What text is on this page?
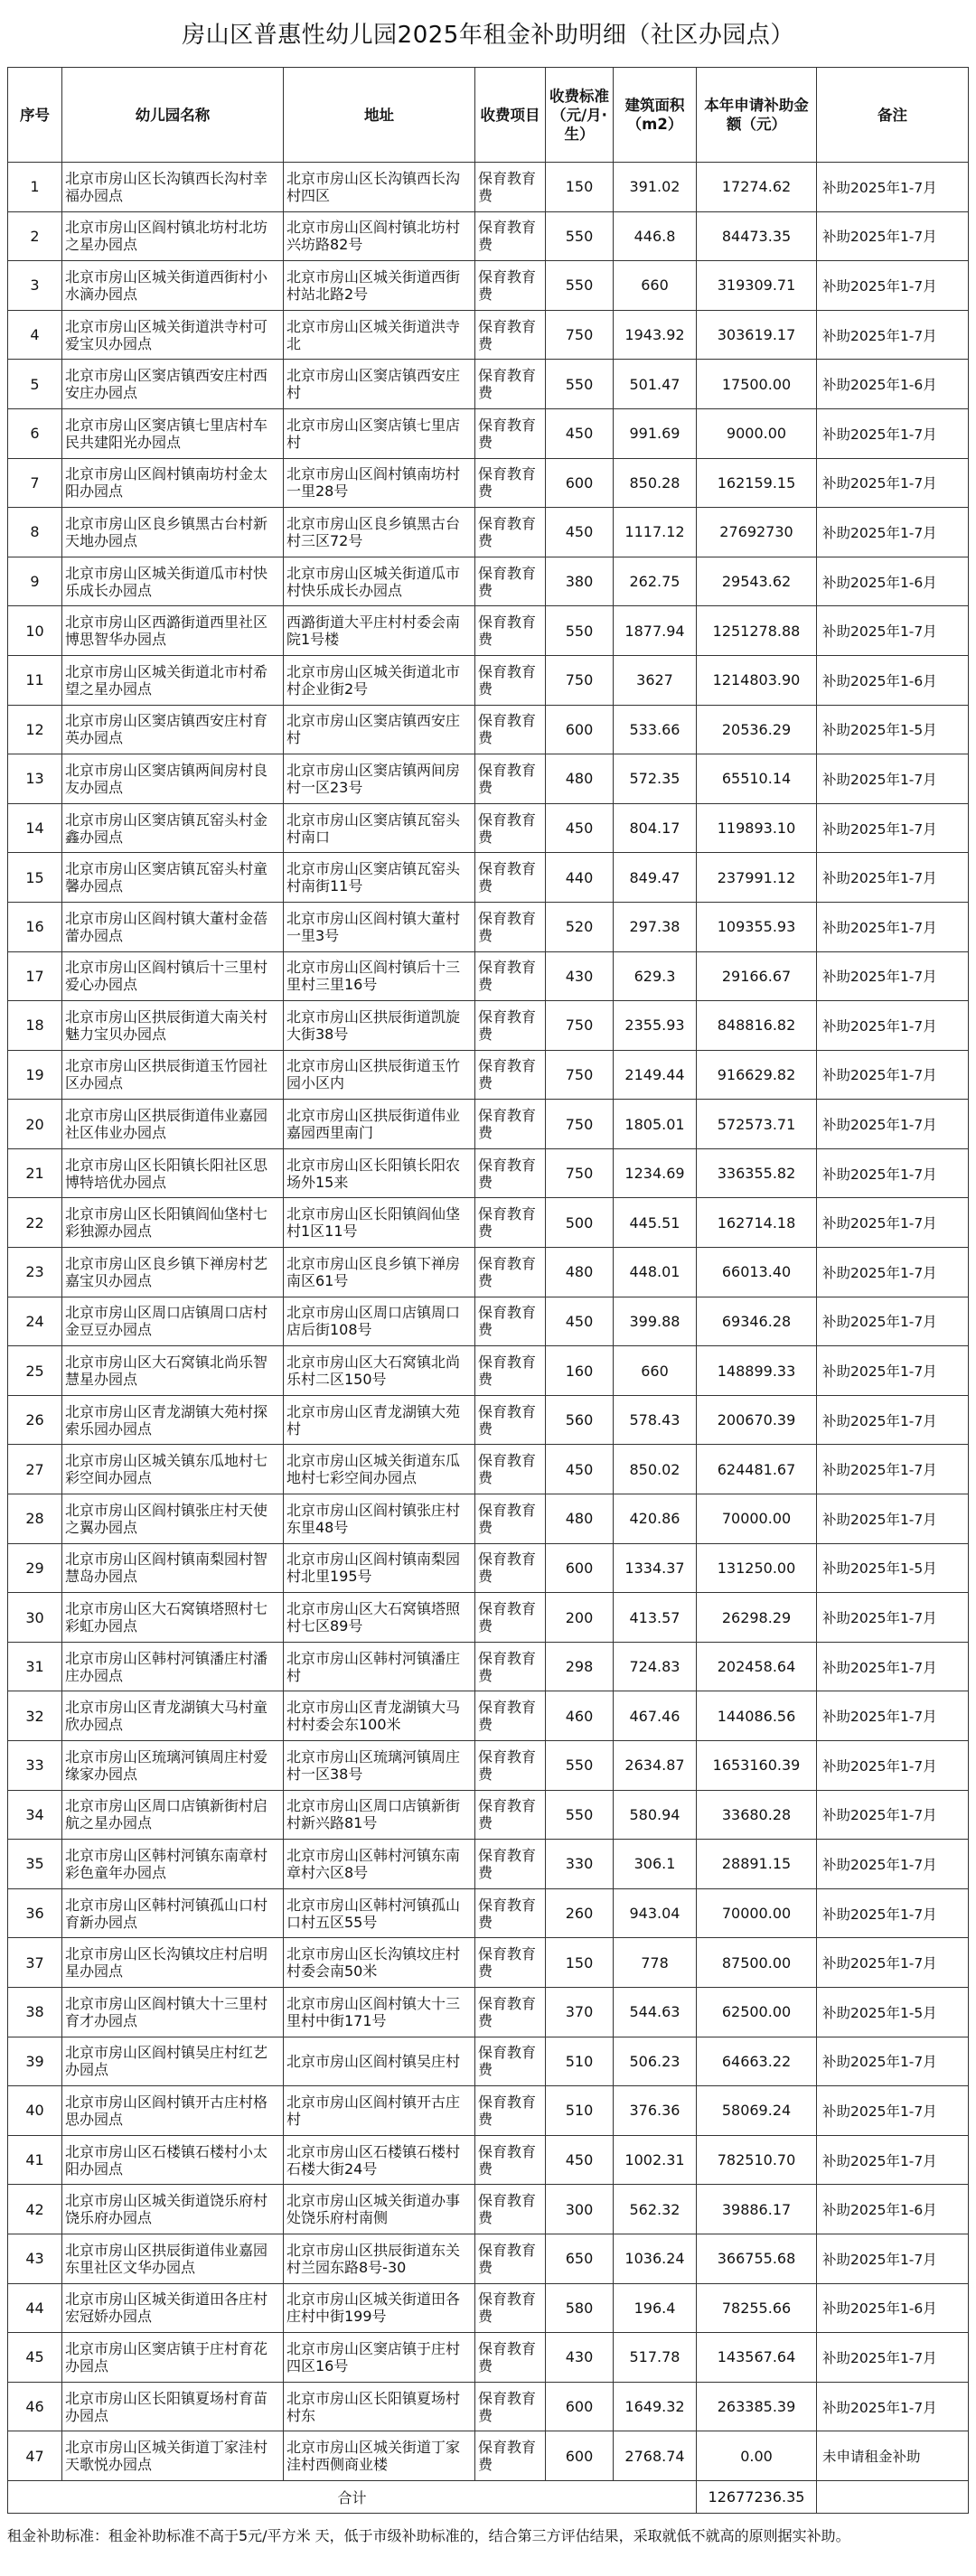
房山区普惠性幼儿园2025年租金补助明细（社区办园点）
序号	幼儿园名称	地址	收费项目	收费标准（元/月·生）	建筑面积（m2）	本年申请补助金额（元）	备注
1	北京市房山区长沟镇西长沟村幸福办园点	北京市房山区长沟镇西长沟村四区	保育教育费	150	391.02	17274.62	补助2025年1-7月
2	北京市房山区阎村镇北坊村北坊之星办园点	北京市房山区阎村镇北坊村兴坊路82号	保育教育费	550	446.8	84473.35	补助2025年1-7月
3	北京市房山区城关街道西街村小水滴办园点	北京市房山区城关街道西街村站北路2号	保育教育费	550	660	319309.71	补助2025年1-7月
4	北京市房山区城关街道洪寺村可爱宝贝办园点	北京市房山区城关街道洪寺北	保育教育费	750	1943.92	303619.17	补助2025年1-7月
5	北京市房山区窦店镇西安庄村西安庄办园点	北京市房山区窦店镇西安庄村	保育教育费	550	501.47	17500.00	补助2025年1-6月
6	北京市房山区窦店镇七里店村车民共建阳光办园点	北京市房山区窦店镇七里店村	保育教育费	450	991.69	9000.00	补助2025年1-7月
7	北京市房山区阎村镇南坊村金太阳办园点	北京市房山区阎村镇南坊村一里28号	保育教育费	600	850.28	162159.15	补助2025年1-7月
8	北京市房山区良乡镇黑古台村新天地办园点	北京市房山区良乡镇黑古台村三区72号	保育教育费	450	1117.12	27692730	补助2025年1-7月
9	北京市房山区城关街道瓜市村快乐成长办园点	北京市房山区城关街道瓜市村快乐成长办园点	保育教育费	380	262.75	29543.62	补助2025年1-6月
10	北京市房山区西潞街道西里社区博思智华办园点	西潞街道大平庄村村委会南院1号楼	保育教育费	550	1877.94	1251278.88	补助2025年1-7月
11	北京市房山区城关街道北市村希望之星办园点	北京市房山区城关街道北市村企业街2号	保育教育费	750	3627	1214803.90	补助2025年1-6月
12	北京市房山区窦店镇西安庄村育英办园点	北京市房山区窦店镇西安庄村	保育教育费	600	533.66	20536.29	补助2025年1-5月
13	北京市房山区窦店镇两间房村良友办园点	北京市房山区窦店镇两间房村一区23号	保育教育费	480	572.35	65510.14	补助2025年1-7月
14	北京市房山区窦店镇瓦窑头村金鑫办园点	北京市房山区窦店镇瓦窑头村南口	保育教育费	450	804.17	119893.10	补助2025年1-7月
15	北京市房山区窦店镇瓦窑头村童馨办园点	北京市房山区窦店镇瓦窑头村南街11号	保育教育费	440	849.47	237991.12	补助2025年1-7月
16	北京市房山区阎村镇大董村金蓓蕾办园点	北京市房山区阎村镇大董村一里3号	保育教育费	520	297.38	109355.93	补助2025年1-7月
17	北京市房山区阎村镇后十三里村爱心办园点	北京市房山区阎村镇后十三里村三里16号	保育教育费	430	629.3	29166.67	补助2025年1-7月
18	北京市房山区拱辰街道大南关村魅力宝贝办园点	北京市房山区拱辰街道凯旋大街38号	保育教育费	750	2355.93	848816.82	补助2025年1-7月
19	北京市房山区拱辰街道玉竹园社区办园点	北京市房山区拱辰街道玉竹园小区内	保育教育费	750	2149.44	916629.82	补助2025年1-7月
20	北京市房山区拱辰街道伟业嘉园社区伟业办园点	北京市房山区拱辰街道伟业嘉园西里南门	保育教育费	750	1805.01	572573.71	补助2025年1-7月
21	北京市房山区长阳镇长阳社区思博特培优办园点	北京市房山区长阳镇长阳农场外15来	保育教育费	750	1234.69	336355.82	补助2025年1-7月
22	北京市房山区长阳镇阎仙垡村七彩独源办园点	北京市房山区长阳镇阎仙垡村1区11号	保育教育费	500	445.51	162714.18	补助2025年1-7月
23	北京市房山区良乡镇下禅房村艺嘉宝贝办园点	北京市房山区良乡镇下禅房南区61号	保育教育费	480	448.01	66013.40	补助2025年1-7月
24	北京市房山区周口店镇周口店村金豆豆办园点	北京市房山区周口店镇周口店后街108号	保育教育费	450	399.88	69346.28	补助2025年1-7月
25	北京市房山区大石窝镇北尚乐智慧星办园点	北京市房山区大石窝镇北尚乐村二区150号	保育教育费	160	660	148899.33	补助2025年1-7月
26	北京市房山区青龙湖镇大苑村探索乐园办园点	北京市房山区青龙湖镇大苑村	保育教育费	560	578.43	200670.39	补助2025年1-7月
27	北京市房山区城关镇东瓜地村七彩空间办园点	北京市房山区城关街道东瓜地村七彩空间办园点	保育教育费	450	850.02	624481.67	补助2025年1-7月
28	北京市房山区阎村镇张庄村天使之翼办园点	北京市房山区阎村镇张庄村东里48号	保育教育费	480	420.86	70000.00	补助2025年1-7月
29	北京市房山区阎村镇南梨园村智慧岛办园点	北京市房山区阎村镇南梨园村北里195号	保育教育费	600	1334.37	131250.00	补助2025年1-5月
30	北京市房山区大石窝镇塔照村七彩虹办园点	北京市房山区大石窝镇塔照村七区89号	保育教育费	200	413.57	26298.29	补助2025年1-7月
31	北京市房山区韩村河镇潘庄村潘庄办园点	北京市房山区韩村河镇潘庄村	保育教育费	298	724.83	202458.64	补助2025年1-7月
32	北京市房山区青龙湖镇大马村童欣办园点	北京市房山区青龙湖镇大马村村委会东100米	保育教育费	460	467.46	144086.56	补助2025年1-7月
33	北京市房山区琉璃河镇周庄村爱缘家办园点	北京市房山区琉璃河镇周庄村一区38号	保育教育费	550	2634.87	1653160.39	补助2025年1-7月
34	北京市房山区周口店镇新街村启航之星办园点	北京市房山区周口店镇新街村新兴路81号	保育教育费	550	580.94	33680.28	补助2025年1-7月
35	北京市房山区韩村河镇东南章村彩色童年办园点	北京市房山区韩村河镇东南章村六区8号	保育教育费	330	306.1	28891.15	补助2025年1-7月
36	北京市房山区韩村河镇孤山口村育新办园点	北京市房山区韩村河镇孤山口村五区55号	保育教育费	260	943.04	70000.00	补助2025年1-7月
37	北京市房山区长沟镇坟庄村启明星办园点	北京市房山区长沟镇坟庄村村委会南50米	保育教育费	150	778	87500.00	补助2025年1-7月
38	北京市房山区阎村镇大十三里村育才办园点	北京市房山区阎村镇大十三里村中街171号	保育教育费	370	544.63	62500.00	补助2025年1-5月
39	北京市房山区阎村镇吴庄村红艺办园点	北京市房山区阎村镇吴庄村	保育教育费	510	506.23	64663.22	补助2025年1-7月
40	北京市房山区阎村镇开古庄村格思办园点	北京市房山区阎村镇开古庄村	保育教育费	510	376.36	58069.24	补助2025年1-7月
41	北京市房山区石楼镇石楼村小太阳办园点	北京市房山区石楼镇石楼村石楼大街24号	保育教育费	450	1002.31	782510.70	补助2025年1-7月
42	北京市房山区城关街道饶乐府村饶乐府办园点	北京市房山区城关街道办事处饶乐府村南侧	保育教育费	300	562.32	39886.17	补助2025年1-6月
43	北京市房山区拱辰街道伟业嘉园东里社区文华办园点	北京市房山区拱辰街道东关村兰园东路8号-30	保育教育费	650	1036.24	366755.68	补助2025年1-7月
44	北京市房山区城关街道田各庄村宏冠娇办园点	北京市房山区城关街道田各庄村中街199号	保育教育费	580	196.4	78255.66	补助2025年1-6月
45	北京市房山区窦店镇于庄村育花办园点	北京市房山区窦店镇于庄村四区16号	保育教育费	430	517.78	143567.64	补助2025年1-7月
46	北京市房山区长阳镇夏场村育苗办园点	北京市房山区长阳镇夏场村村东	保育教育费	600	1649.32	263385.39	补助2025年1-7月
47	北京市房山区城关街道丁家洼村天歌悦办园点	北京市房山区城关街道丁家洼村西侧商业楼	保育教育费	600	2768.74	0.00	未申请租金补助
合计						12677236.35	
租金补助标准：租金补助标准不高于5元/平方米 天，低于市级补助标准的，结合第三方评估结果，采取就低不就高的原则据实补助。
